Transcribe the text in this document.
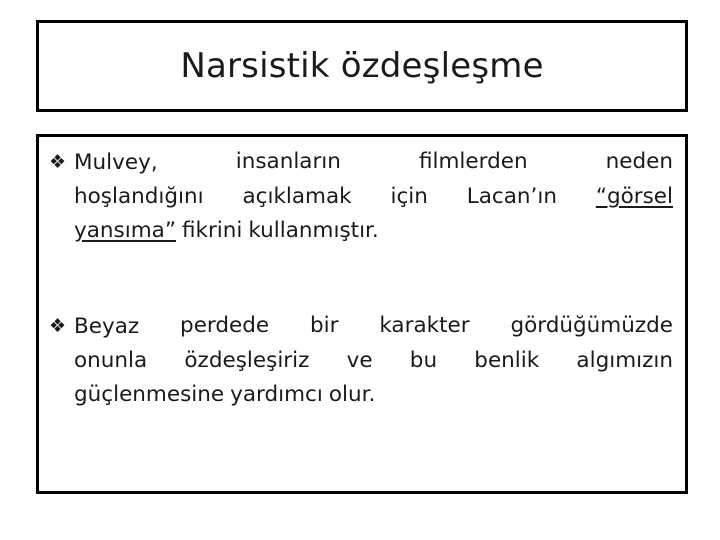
Narsistik özdeşleşme
❖ Mulvey,	insanların	filmlerden	neden
hoşlandığını açıklamak için Lacan’ın “görsel
yansıma” fikrini kullanmıştır.
❖ Beyaz perdede bir karakter gördüğümüzde
onunla özdeşleşiriz ve bu benlik algımızın
güçlenmesine yardımcı olur.
